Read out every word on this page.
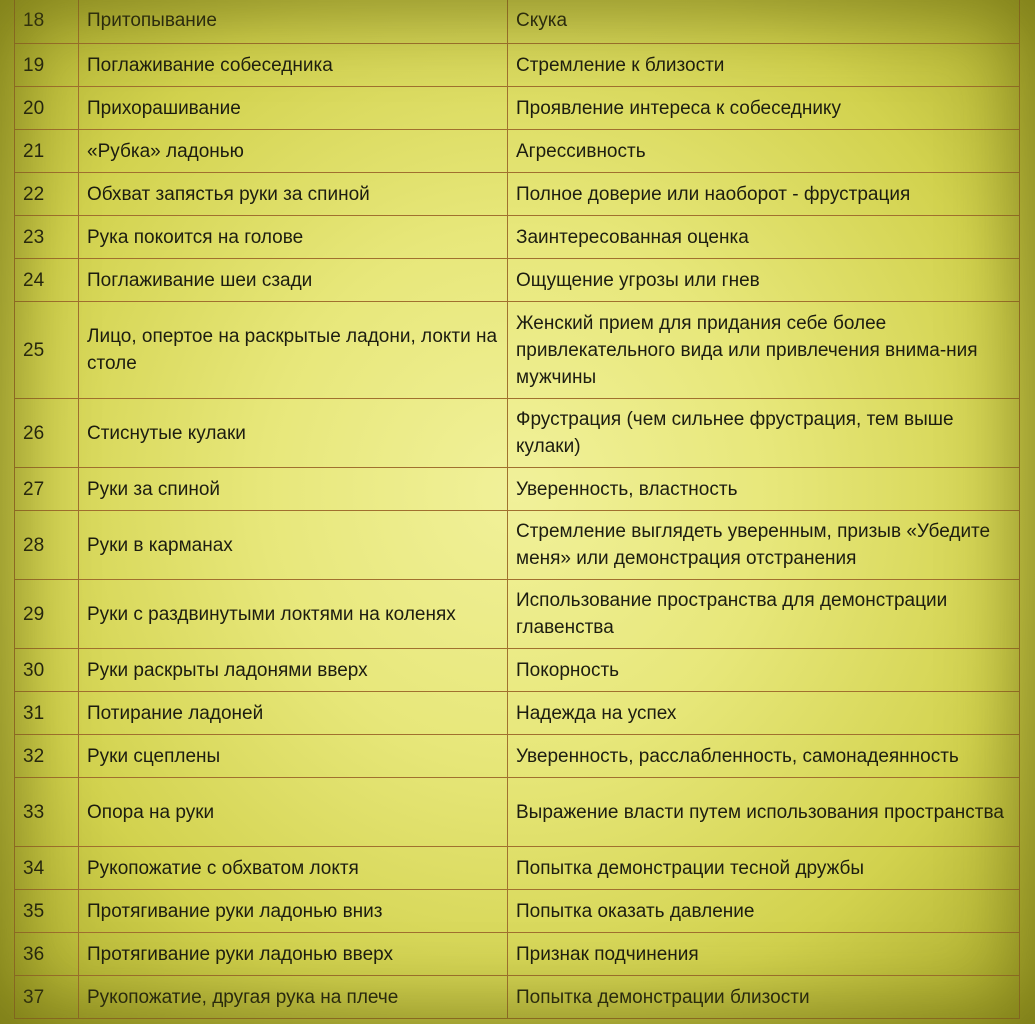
18	Притопывание	Скука
19	Поглаживание собеседника	Стремление к близости
20	Прихорашивание	Проявление интереса к собеседнику
21	«Рубка» ладонью	Агрессивность
22	Обхват запястья руки за спиной	Полное доверие или наоборот - фрустрация
23	Рука покоится на голове	Заинтересованная оценка
24	Поглаживание шеи сзади	Ощущение угрозы или гнев
25	Лицо, опертое на раскрытые ладони, локти на столе	Женский прием для придания себе более привлекательного вида или привлечения внима-ния мужчины
26	Стиснутые кулаки	Фрустрация (чем сильнее фрустрация, тем выше кулаки)
27	Руки за спиной	Уверенность, властность
28	Руки в карманах	Стремление выглядеть уверенным, призыв «Убедите меня» или демонстрация отстранения
29	Руки с раздвинутыми локтями на коленях	Использование пространства для демонстрации главенства
30	Руки раскрыты ладонями вверх	Покорность
31	Потирание ладоней	Надежда на успех
32	Руки сцеплены	Уверенность, расслабленность, самонадеянность
33	Опора на руки	Выражение власти путем использования пространства
34	Рукопожатие с обхватом локтя	Попытка демонстрации тесной дружбы
35	Протягивание руки ладонью вниз	Попытка оказать давление
36	Протягивание руки ладонью вверх	Признак подчинения
37	Рукопожатие, другая рука на плече	Попытка демонстрации близости
